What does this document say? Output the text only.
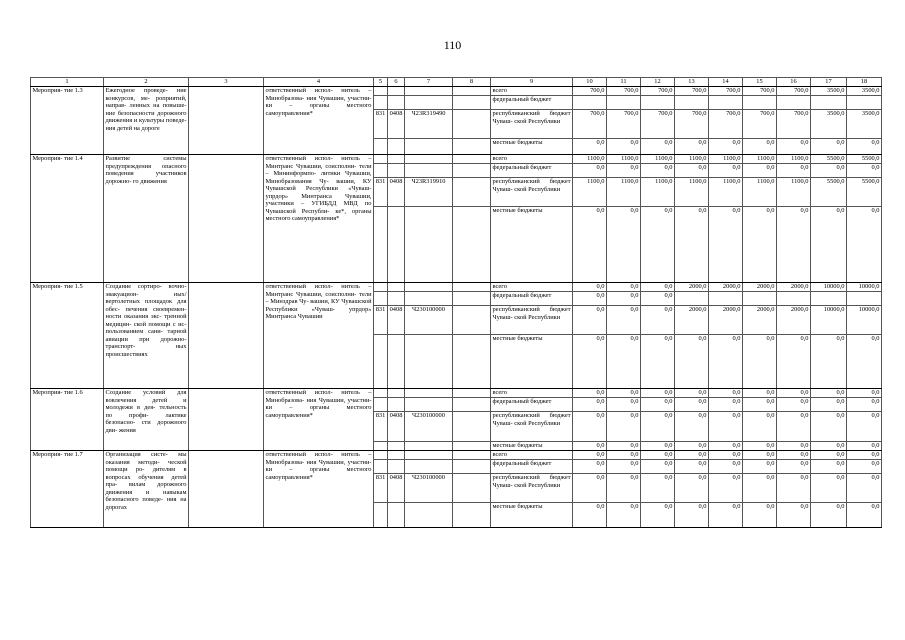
110
1	2	3	4	5	6	7	8	9	10	11	12	13	14	15	16	17	18
Мероприя- тие 1.3	Ежегодное проведе- ние конкурсов, ме- роприятий, направ- ленных на повыше- ние безопасности дорожного движения и культуры поведе- ния детей на дороге		ответственный испол- нитель – Минобразова- ния Чувашии, участни- ки – органы местного самоуправления*					всего	700,0	700,0	700,0	700,0	700,0	700,0	700,0	3500,0	3500,0
								федеральный бюджет									
				831	0408	Ч23R319490		республиканский бюджет Чуваш- ской Республики	700,0	700,0	700,0	700,0	700,0	700,0	700,0	3500,0	3500,0
								местные бюджеты	0,0	0,0	0,0	0,0	0,0	0,0	0,0	0,0	0,0
Мероприя- тие 1.4	Развитие системы предупреждения опасного поведения участников дорожно- го движения		ответственный испол- нитель – Минтранс Чувашии, соисполни- тели – Мининформпо- литики Чувашии, Минобразования Чу- вашии, КУ Чувашской Республики «Чуваш- упрдор» Минтранса Чувашии, участники – УГИБДД МВД по Чувашской Республи- ке*, органы местного самоуправления*					всего	1100,0	1100,0	1100,0	1100,0	1100,0	1100,0	1100,0	5500,0	5500,0
								федеральный бюджет	0,0	0,0	0,0	0,0	0,0	0,0	0,0	0,0	0,0
				831	0408	Ч23R319910		республиканский бюджет Чуваш- ской Республики	1100,0	1100,0	1100,0	1100,0	1100,0	1100,0	1100,0	5500,0	5500,0
								местные бюджеты	0,0	0,0	0,0	0,0	0,0	0,0	0,0	0,0	0,0
Мероприя- тие 1.5	Создание сортиро- вочно-эвакуацион- ных/вертолетных площадок для обес- печения своевремен- ности оказания экс- тренной медицин- ской помощи с ис- пользованием сани- тарной авиации при дорожно-транспорт- ных происшествиях		ответственный испол- нитель – Минтранс Чувашии, соисполни- тели – Минздрав Чу- вашии, КУ Чувашской Республики «Чуваш- упрдор» Минтранса Чувашии					всего	0,0	0,0	0,0	2000,0	2000,0	2000,0	2000,0	10000,0	10000,0
								федеральный бюджет	0,0	0,0	0,0						
				831	0408	Ч230100000		республиканский бюджет Чуваш- ской Республики	0,0	0,0	0,0	2000,0	2000,0	2000,0	2000,0	10000,0	10000,0
								местные бюджеты	0,0	0,0	0,0	0,0	0,0	0,0	0,0	0,0	0,0
Мероприя- тие 1.6	Создание условий для вовлечения детей и молодежи в дея- тельность по профи- лактике безопасно- сти дорожного дви- жения		ответственный испол- нитель – Минобразова- ния Чувашии, участни- ки – органы местного самоуправления*					всего	0,0	0,0	0,0	0,0	0,0	0,0	0,0	0,0	0,0
								федеральный бюджет	0,0	0,0	0,0	0,0	0,0	0,0	0,0	0,0	0,0
				831	0408	Ч230100000		республиканский бюджет Чуваш- ской Республики	0,0	0,0	0,0	0,0	0,0	0,0	0,0	0,0	0,0
								местные бюджеты	0,0	0,0	0,0	0,0	0,0	0,0	0,0	0,0	0,0
Мероприя- тие 1.7	Организация систе- мы оказания методи- ческой помощи ро- дителям в вопросах обучения детей пра- вилам дорожного движения и навыкам безопасного поведе- ния на дорогах		ответственный испол- нитель – Минобразова- ния Чувашии, участни- ки – органы местного самоуправления*					всего	0,0	0,0	0,0	0,0	0,0	0,0	0,0	0,0	0,0
								федеральный бюджет	0,0	0,0	0,0	0,0	0,0	0,0	0,0	0,0	0,0
				831	0408	Ч230100000		республиканский бюджет Чуваш- ской Республики	0,0	0,0	0,0	0,0	0,0	0,0	0,0	0,0	0,0
								местные бюджеты	0,0	0,0	0,0	0,0	0,0	0,0	0,0	0,0	0,0
